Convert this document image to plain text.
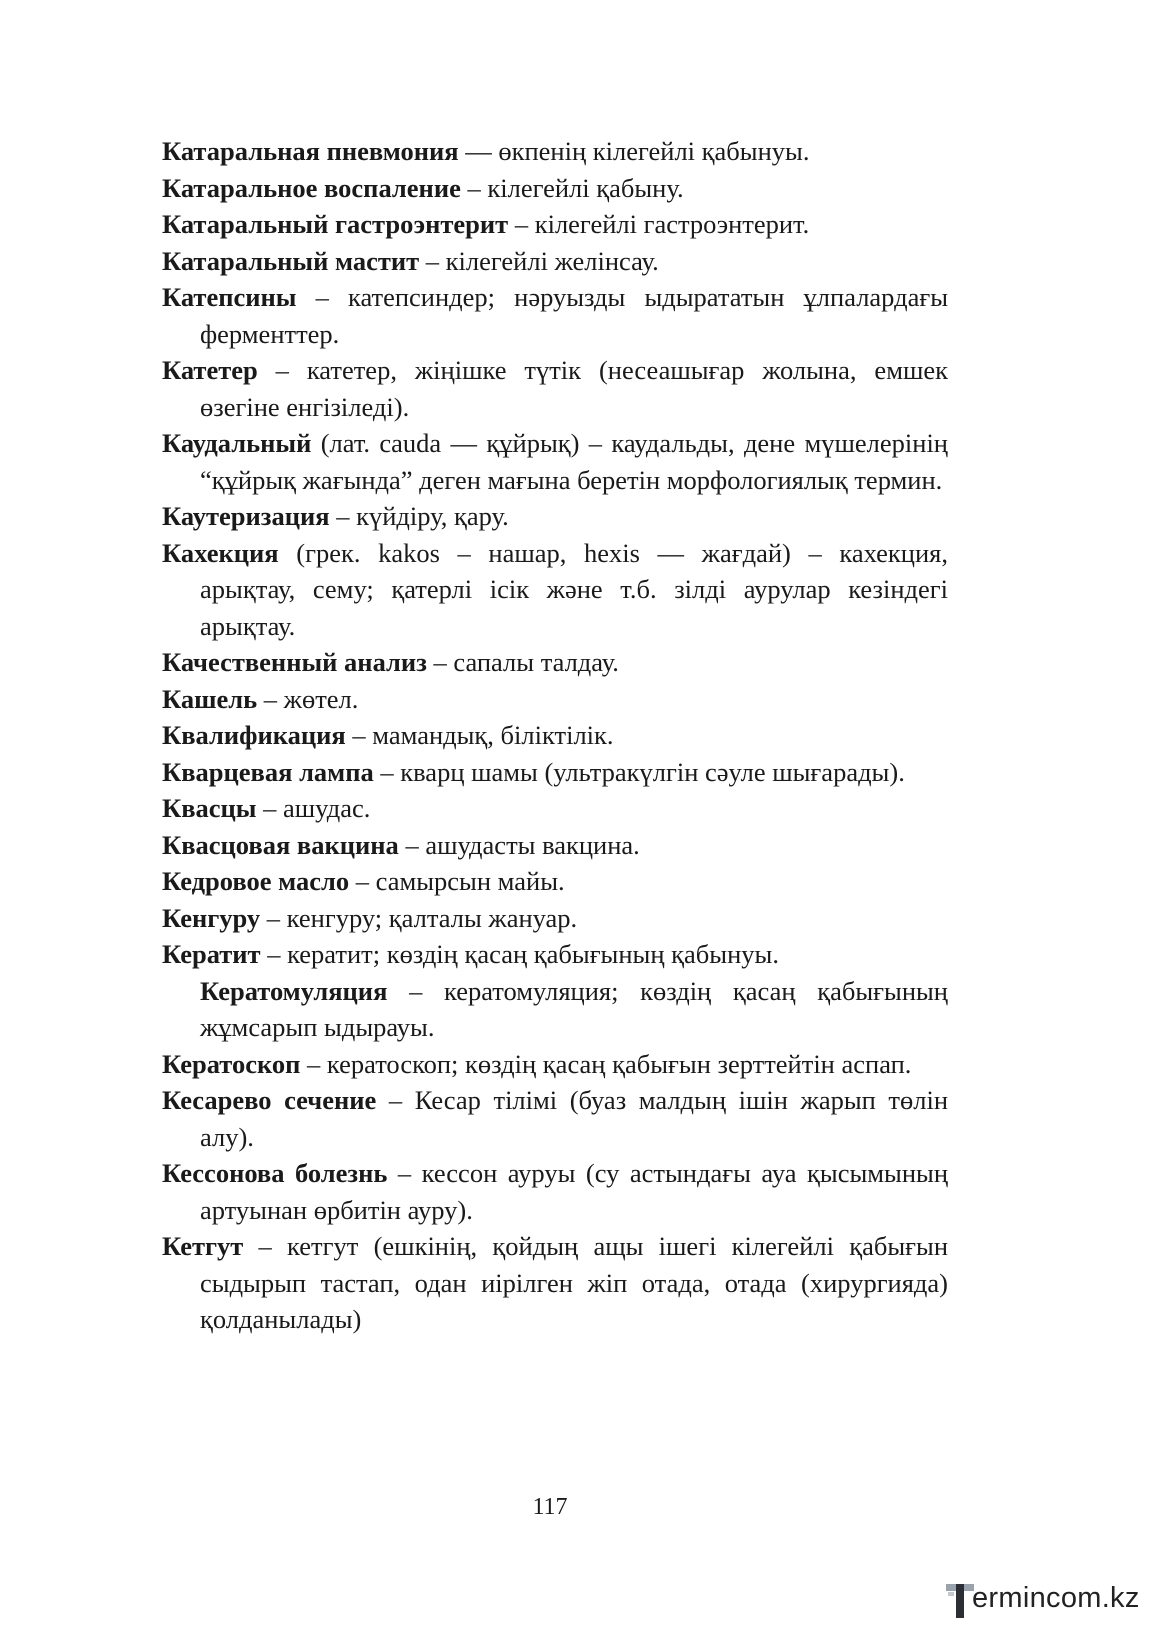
Катаральная пневмония — өкпенің кілегейлі қабынуы.
Катаральное воспаление – кілегейлі қабыну.
Катаральный гастроэнтерит – кілегейлі гастроэнтерит.
Катаральный мастит – кілегейлі желінсау.
Катепсины – катепсиндер; нәруызды ыдырататын ұлпалардағы ферменттер.
Катетер – катетер, жіңішке түтік (несеашығар жолына, емшек өзегіне енгізіледі).
Каудальный (лат. cauda — құйрық) – каудальды, дене мүшелерінің “құйрық жағында” деген мағына беретін морфологиялық термин.
Каутеризация – күйдіру, қару.
Кахекция (грек. kakos – нашар, hexis — жағдай) – кахекция, арықтау, сему; қатерлі ісік және т.б. зілді аурулар кезіндегі арықтау.
Качественный анализ – сапалы талдау.
Кашель – жөтел.
Квалификация – мамандық, біліктілік.
Кварцевая лампа – кварц шамы (ультракүлгін сәуле шығарады).
Квасцы – ашудас.
Квасцовая вакцина – ашудасты вакцина.
Кедровое масло – самырсын майы.
Кенгуру – кенгуру; қалталы жануар.
Кератит – кератит; көздің қасаң қабығының қабынуы.
Кератомуляция – кератомуляция; көздің қасаң қабығының жұмсарып ыдырауы.
Кератоскоп – кератоскоп; көздің қасаң қабығын зерттейтін аспап.
Кесарево сечение – Кесар тілімі (буаз малдың ішін жарып төлін алу).
Кессонова болезнь – кессон ауруы (су астындағы ауа қысымының артуынан өрбитін ауру).
Кетгут – кетгут (ешкінің, қойдың ащы ішегі кілегейлі қабығын сыдырып тастап, одан иірілген жіп отада, отада (хирургияда) қолданылады)
117
ermincom.kz
